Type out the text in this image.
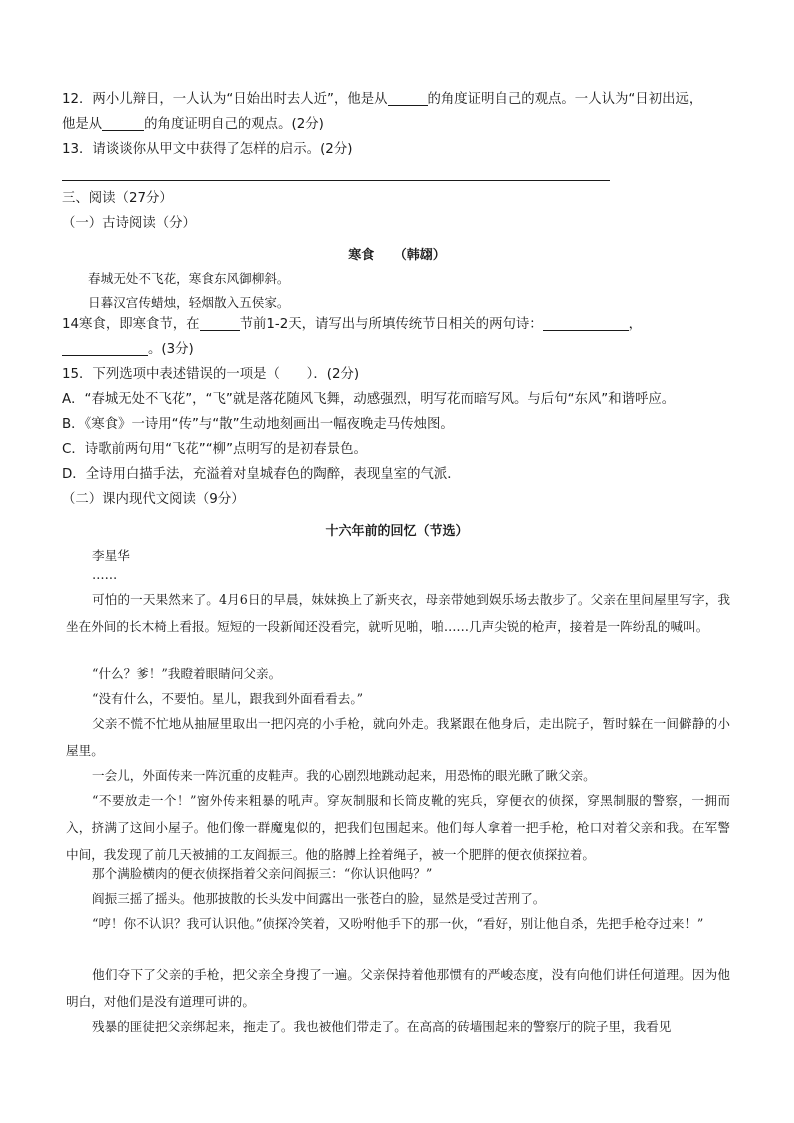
12．两小儿辩日，一人认为“日始出时去人近”，他是从	的角度证明自己的观点。一人认为“日初出远，
他是从	的角度证明自己的观点。(2分)
13．请谈谈你从甲文中获得了怎样的启示。(2分)
三、阅读（27分）
（一）古诗阅读（分）
寒食　　（韩翃）
春城无处不飞花，寒食东风御柳斜。
日暮汉宫传蜡烛，轻烟散入五侯家。
14寒食，即寒食节，在	节前1-2天，请写出与所填传统节日相关的两句诗：	，
。(3分)
15．下列选项中表述错误的一项是（　　）．(2分)
A．“春城无处不飞花”，“飞”就是落花随风飞舞，动感强烈，明写花而暗写风。与后句“东风”和谐呼应。
B．《寒食》一诗用“传”与“散”生动地刻画出一幅夜晚走马传烛图。
C．诗歌前两句用“飞花”“柳”点明写的是初春景色。
D．全诗用白描手法，充溢着对皇城春色的陶醉，表现皇室的气派．
（二）课内现代文阅读（9分）
十六年前的回忆（节选）
李星华
……
可怕的一天果然来了。4月6日的早晨，妹妹换上了新夹衣，母亲带她到娱乐场去散步了。父亲在里间屋里写字，我坐在外间的长木椅上看报。短短的一段新闻还没看完，就听见啪，啪……几声尖锐的枪声，接着是一阵纷乱的喊叫。
“什么？爹！”我瞪着眼睛问父亲。
“没有什么，不要怕。星儿，跟我到外面看看去。”
父亲不慌不忙地从抽屉里取出一把闪亮的小手枪，就向外走。我紧跟在他身后，走出院子，暂时躲在一间僻静的小屋里。
一会儿，外面传来一阵沉重的皮鞋声。我的心剧烈地跳动起来，用恐怖的眼光瞅了瞅父亲。
“不要放走一个！”窗外传来粗暴的吼声。穿灰制服和长筒皮靴的宪兵，穿便衣的侦探，穿黑制服的警察，一拥而入，挤满了这间小屋子。他们像一群魔鬼似的，把我们包围起来。他们每人拿着一把手枪，枪口对着父亲和我。在军警中间，我发现了前几天被捕的工友阎振三。他的胳膊上拴着绳子，被一个肥胖的便衣侦探拉着。
那个满脸横肉的便衣侦探指着父亲问阎振三：“你认识他吗？”
阎振三摇了摇头。他那披散的长头发中间露出一张苍白的脸，显然是受过苦刑了。
“哼！你不认识？我可认识他。”侦探冷笑着，又吩咐他手下的那一伙，“看好，别让他自杀，先把手枪夺过来！”
他们夺下了父亲的手枪，把父亲全身搜了一遍。父亲保持着他那惯有的严峻态度，没有向他们讲任何道理。因为他明白，对他们是没有道理可讲的。
残暴的匪徒把父亲绑起来，拖走了。我也被他们带走了。在高高的砖墙围起来的警察厅的院子里，我看见
